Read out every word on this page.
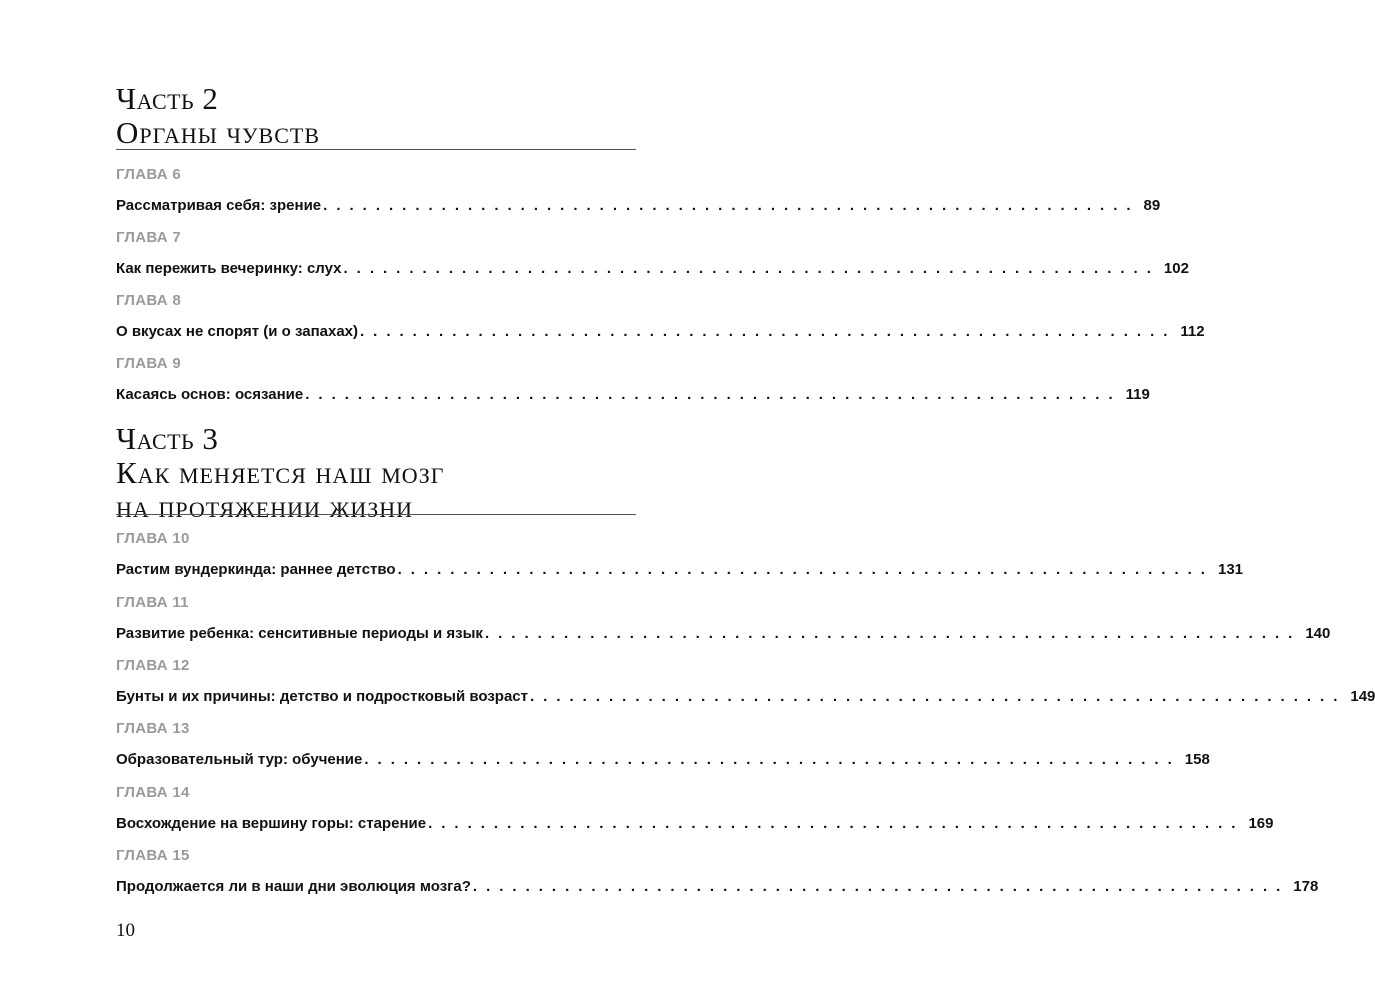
Часть 2
Органы чувств
ГЛАВА 6
Рассматривая себя: зрение .............................................................. 89
ГЛАВА 7
Как пережить вечеринку: слух .............................................................. 102
ГЛАВА 8
О вкусах не спорят (и о запахах) .............................................................. 112
ГЛАВА 9
Касаясь основ: осязание .............................................................. 119
Часть 3
Как меняется наш мозг
на протяжении жизни
ГЛАВА 10
Растим вундеркинда: раннее детство .............................................................. 131
ГЛАВА 11
Развитие ребенка: сенситивные периоды и язык .............................................................. 140
ГЛАВА 12
Бунты и их причины: детство и подростковый возраст .............................................................. 149
ГЛАВА 13
Образовательный тур: обучение .............................................................. 158
ГЛАВА 14
Восхождение на вершину горы: старение .............................................................. 169
ГЛАВА 15
Продолжается ли в наши дни эволюция мозга? .............................................................. 178
10
